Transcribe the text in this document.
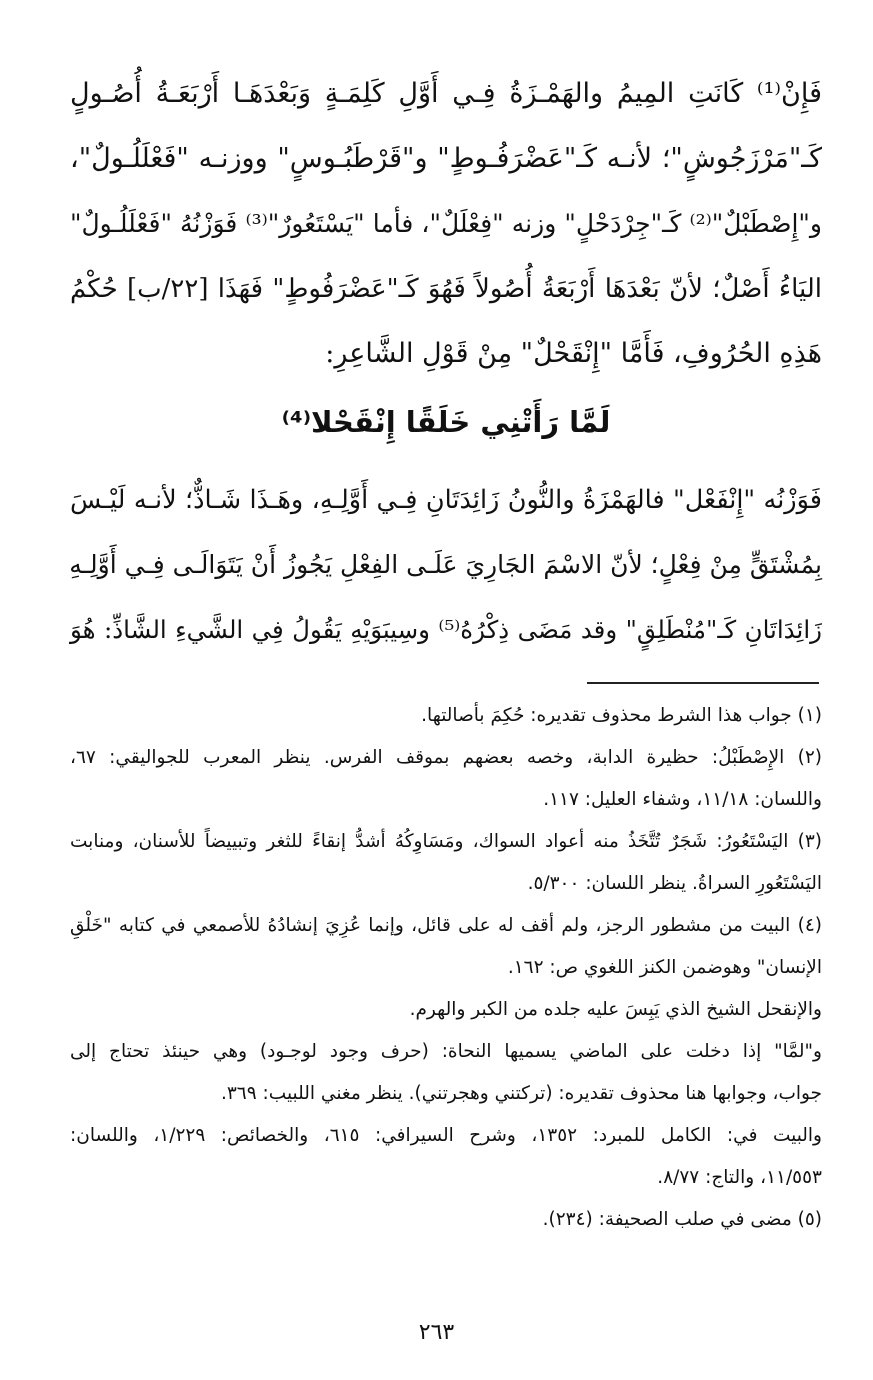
فَإِنْ⁽¹⁾ كَانَتِ المِيمُ والهَمْـزَةُ فِـي أَوَّلِ كَلِمَـةٍ وَبَعْدَهَـا أَرْبَعَـةُ أُصُـولٍ
كَـ"مَرْزَجُوشٍ"؛ لأنـه كَـ"عَضْرَفُـوطٍ" و"قَرْطَبُـوسٍ" ووزنـه "فَعْلَلُـولٌ"،
و"إِصْطَبْلٌ"⁽²⁾ كَـ"جِرْدَحْلٍ" وزنه "فِعْلَلٌ"، فأما "يَسْتَعُورٌ"⁽³⁾ فَوَزْنُهُ "فَعْلَلُـولٌ"
اليَاءُ أَصْلٌ؛ لأنّ بَعْدَهَا أَرْبَعَةُ أُصُولاً فَهُوَ كَـ"عَضْرَفُوطٍ" فَهَذَا [٢٢/ب] حُكْمُ
هَذِهِ الحُرُوفِ، فَأَمَّا "إِنْقَحْلٌ" مِنْ قَوْلِ الشَّاعِرِ:
لَمَّا رَأَتْنِي خَلَقًا إِنْقَحْلا⁽⁴⁾
فَوَزْنُه "إِنْفَعْل" فالهَمْزَةُ والنُّونُ زَائِدَتَانِ فِـي أَوَّلِـهِ، وهَـذَا شَـاذٌّ؛ لأنـه لَيْـسَ
بِمُشْتَقٍّ مِنْ فِعْلٍ؛ لأنّ الاسْمَ الجَارِيَ عَلَـى الفِعْلِ يَجُوزُ أَنْ يَتَوَالَـى فِـي أَوَّلِـهِ
زَائِدَاتَانِ كَـ"مُنْطَلِقٍ" وقد مَضَى ذِكْرُهُ⁽⁵⁾ وسِيبَوَيْهِ يَقُولُ فِي الشَّيءِ الشَّاذِّ: هُوَ
(١) جواب هذا الشرط محذوف تقديره: حُكِمَ بأصالتها.
(٢) الإِصْطَبْلُ: حظيرة الدابة، وخصه بعضهم بموقف الفرس. ينظر المعرب للجواليقي: ٦٧،
واللسان: ١١/١٨، وشفاء العليل: ١١٧.
(٣) اليَسْتَعُورُ: شَجَرٌ تُتَّخَذُ منه أعواد السواك، ومَسَاوِكُهُ أشدُّ إنقاءً للثغر وتبييضاً للأسنان، ومنابت
اليَسْتَعُورِ السراةُ. ينظر اللسان: ٥/٣٠٠.
(٤) البيت من مشطور الرجز، ولم أقف له على قائل، وإنما عُزِيَ إنشادُهُ للأصمعي في كتابه "خَلْقِ
الإنسان" وهوضمن الكنز اللغوي ص: ١٦٢.
والإنقحل الشيخ الذي يَبِسَ عليه جلده من الكبر والهرم.
و"لمَّا" إذا دخلت على الماضي يسميها النحاة: (حرف وجود لوجـود) وهي حينئذ تحتاج إلى
جواب، وجوابها هنا محذوف تقديره: (تركتني وهجرتني). ينظر مغني اللبيب: ٣٦٩.
والبيت في: الكامل للمبرد: ١٣٥٢، وشرح السيرافي: ٦١٥، والخصائص: ١/٢٢٩، واللسان:
١١/٥٥٣، والتاج: ٨/٧٧.
(٥) مضى في صلب الصحيفة: (٢٣٤).
٢٦٣
